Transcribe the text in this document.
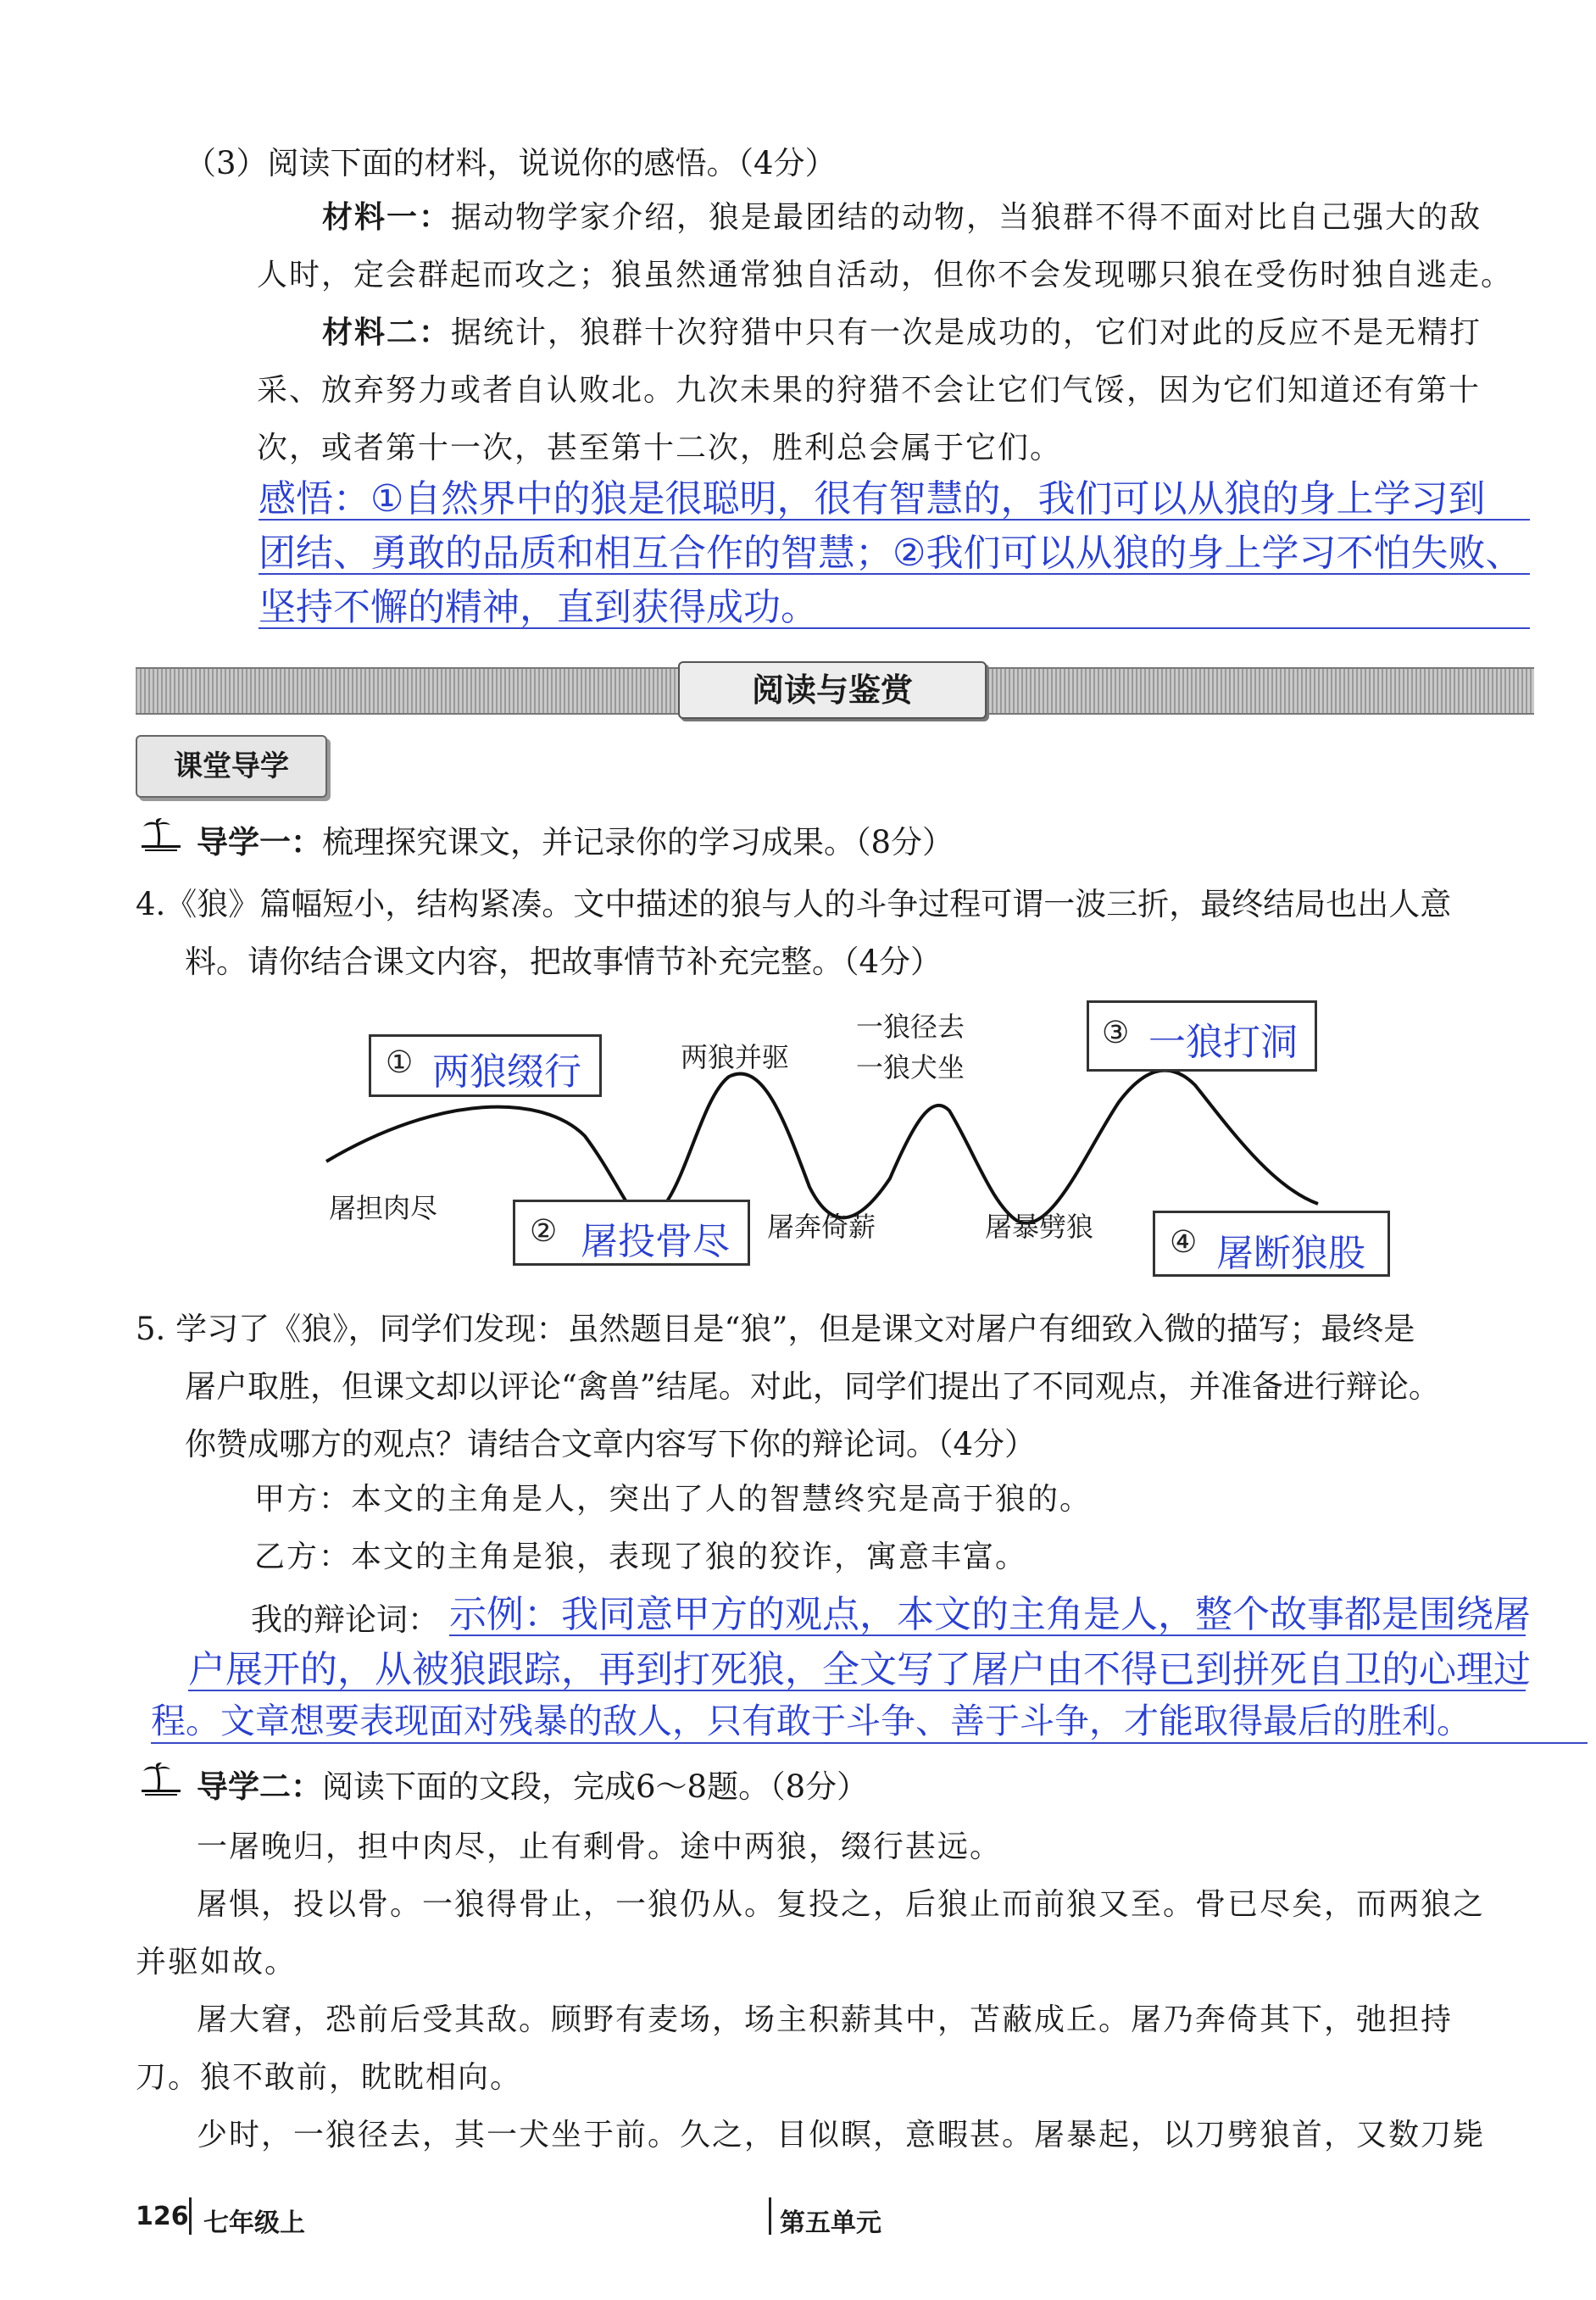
（3）阅读下面的材料，说说你的感悟。（4分）
材料一：据动物学家介绍，狼是最团结的动物，当狼群不得不面对比自己强大的敌
人时，定会群起而攻之；狼虽然通常独自活动，但你不会发现哪只狼在受伤时独自逃走。
材料二：据统计，狼群十次狩猎中只有一次是成功的，它们对此的反应不是无精打
采、放弃努力或者自认败北。九次未果的狩猎不会让它们气馁，因为它们知道还有第十
次，或者第十一次，甚至第十二次，胜利总会属于它们。
感悟：①自然界中的狼是很聪明，很有智慧的，我们可以从狼的身上学习到
团结、勇敢的品质和相互合作的智慧；②我们可以从狼的身上学习不怕失败、
坚持不懈的精神，直到获得成功。
阅读与鉴赏
课堂导学
导学一：梳理探究课文，并记录你的学习成果。（8分）
4.《狼》篇幅短小，结构紧凑。文中描述的狼与人的斗争过程可谓一波三折，最终结局也出人意
料。请你结合课文内容，把故事情节补充完整。（4分）
① 两狼缀行
② 屠投骨尽
③ 一狼打洞
④ 屠断狼股
屠担肉尽
两狼并驱
一狼径去
一狼犬坐
屠奔倚薪	屠暴劈狼
5. 学习了《狼》，同学们发现：虽然题目是“狼”，但是课文对屠户有细致入微的描写；最终是
屠户取胜，但课文却以评论“禽兽”结尾。对此，同学们提出了不同观点，并准备进行辩论。
你赞成哪方的观点？请结合文章内容写下你的辩论词。（4分）
甲方：本文的主角是人，突出了人的智慧终究是高于狼的。
乙方：本文的主角是狼，表现了狼的狡诈，寓意丰富。
我的辩论词： 示例：我同意甲方的观点，本文的主角是人，整个故事都是围绕屠
户展开的，从被狼跟踪，再到打死狼，全文写了屠户由不得已到拼死自卫的心理过
程。文章想要表现面对残暴的敌人，只有敢于斗争、善于斗争，才能取得最后的胜利。
导学二：阅读下面的文段，完成6～8题。（8分）
一屠晚归，担中肉尽，止有剩骨。途中两狼，缀行甚远。
屠惧，投以骨。一狼得骨止，一狼仍从。复投之，后狼止而前狼又至。骨已尽矣，而两狼之
并驱如故。
屠大窘，恐前后受其敌。顾野有麦场，场主积薪其中，苫蔽成丘。屠乃奔倚其下，弛担持
刀。狼不敢前，眈眈相向。
少时，一狼径去，其一犬坐于前。久之，目似瞑，意暇甚。屠暴起，以刀劈狼首，又数刀毙
126 七年级上	第五单元
